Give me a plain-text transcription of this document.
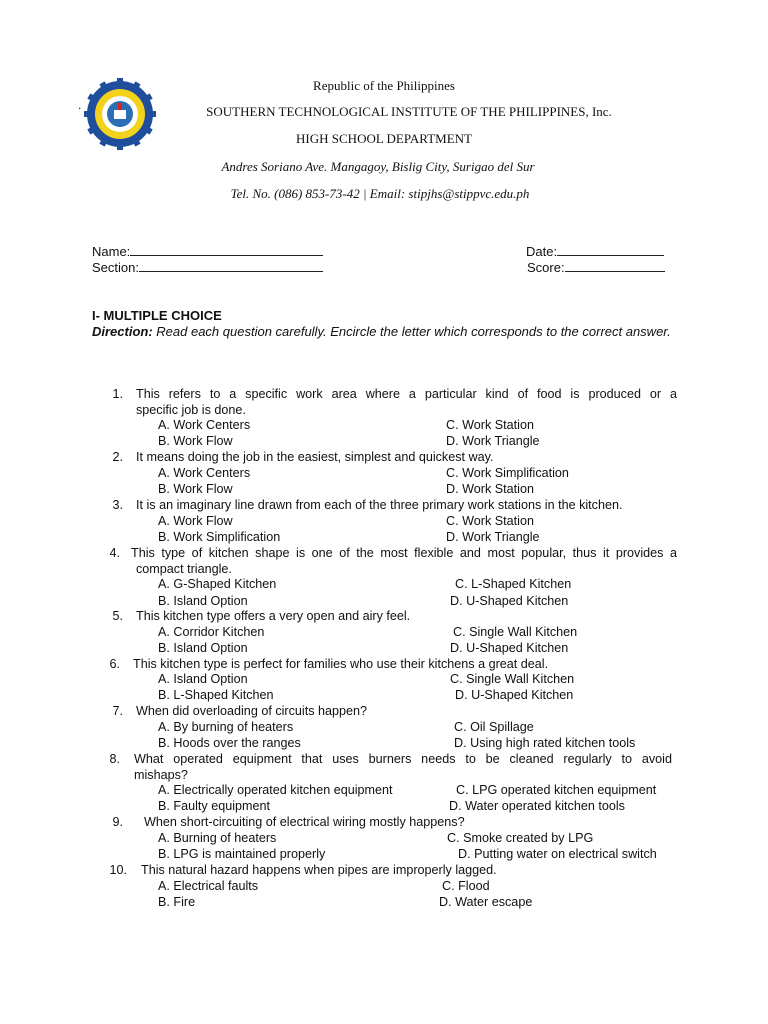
.
Republic of the Philippines
SOUTHERN TECHNOLOGICAL INSTITUTE OF THE PHILIPPINES, Inc.
HIGH SCHOOL DEPARTMENT
Andres Soriano Ave. Mangagoy, Bislig City, Surigao del Sur
Tel. No. (086) 853-73-42 | Email: stipjhs@stippvc.edu.ph
Name:	Date:
Section:	Score:
I- MULTIPLE CHOICE
Direction: Read each question carefully. Encircle the letter which corresponds to the correct answer.
1. This refers to a specific work area where a particular kind of food is produced or a
specific job is done.
A. Work Centers	C. Work Station
B. Work Flow	D. Work Triangle
2. It means doing the job in the easiest, simplest and quickest way.
A. Work Centers	C. Work Simplification
B. Work Flow	D. Work Station
3. It is an imaginary line drawn from each of the three primary work stations in the kitchen.
A. Work Flow	C. Work Station
B. Work Simplification	D. Work Triangle
4. This type of kitchen shape is one of the most flexible and most popular, thus it provides a
compact triangle.
A. G-Shaped Kitchen	C. L-Shaped Kitchen
B. Island Option	D. U-Shaped Kitchen
5. This kitchen type offers a very open and airy feel.
A. Corridor Kitchen	C. Single Wall Kitchen
B. Island Option	D. U-Shaped Kitchen
6. This kitchen type is perfect for families who use their kitchens a great deal.
A. Island Option	C. Single Wall Kitchen
B. L-Shaped Kitchen	D. U-Shaped Kitchen
7. When did overloading of circuits happen?
A. By burning of heaters	C. Oil Spillage
B. Hoods over the ranges	D. Using high rated kitchen tools
8. What operated equipment that uses burners needs to be cleaned regularly to avoid
mishaps?
A. Electrically operated kitchen equipment	C. LPG operated kitchen equipment
B. Faulty equipment	D. Water operated kitchen tools
9. When short-circuiting of electrical wiring mostly happens?
A. Burning of heaters	C. Smoke created by LPG
B. LPG is maintained properly	D. Putting water on electrical switch
10. This natural hazard happens when pipes are improperly lagged.
A. Electrical faults	C. Flood
B. Fire	D. Water escape
